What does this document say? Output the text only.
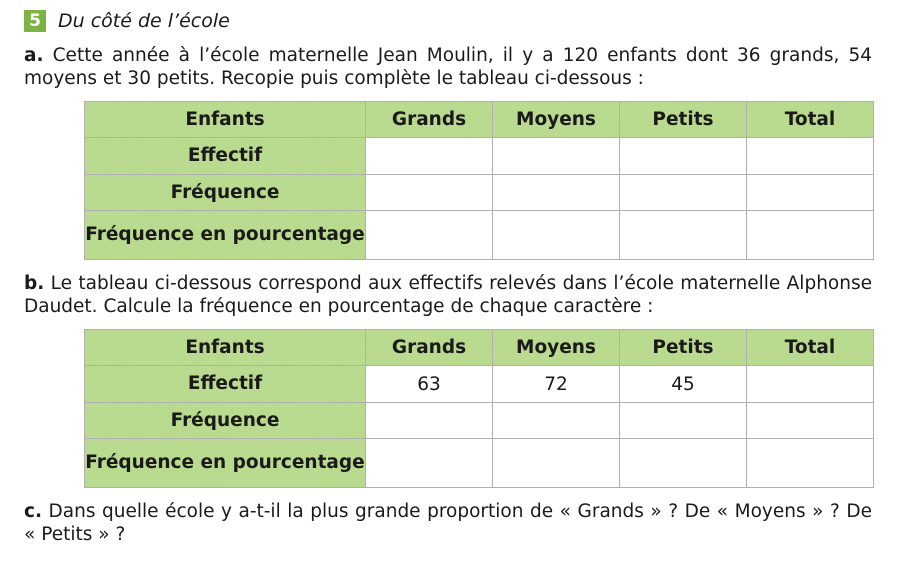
5 Du côté de l’école
a. Cette année à l’école maternelle Jean Moulin, il y a 120 enfants dont 36 grands, 54 moyens et 30 petits. Recopie puis complète le tableau ci-dessous :
Enfants	Grands	Moyens	Petits	Total
Effectif				
Fréquence				
Fréquence en pourcentage				
b. Le tableau ci-dessous correspond aux effectifs relevés dans l’école maternelle Alphonse Daudet. Calcule la fréquence en pourcentage de chaque caractère :
Enfants	Grands	Moyens	Petits	Total
Effectif	63	72	45	
Fréquence				
Fréquence en pourcentage				
c. Dans quelle école y a-t-il la plus grande proportion de « Grands » ? De « Moyens » ? De « Petits » ?
